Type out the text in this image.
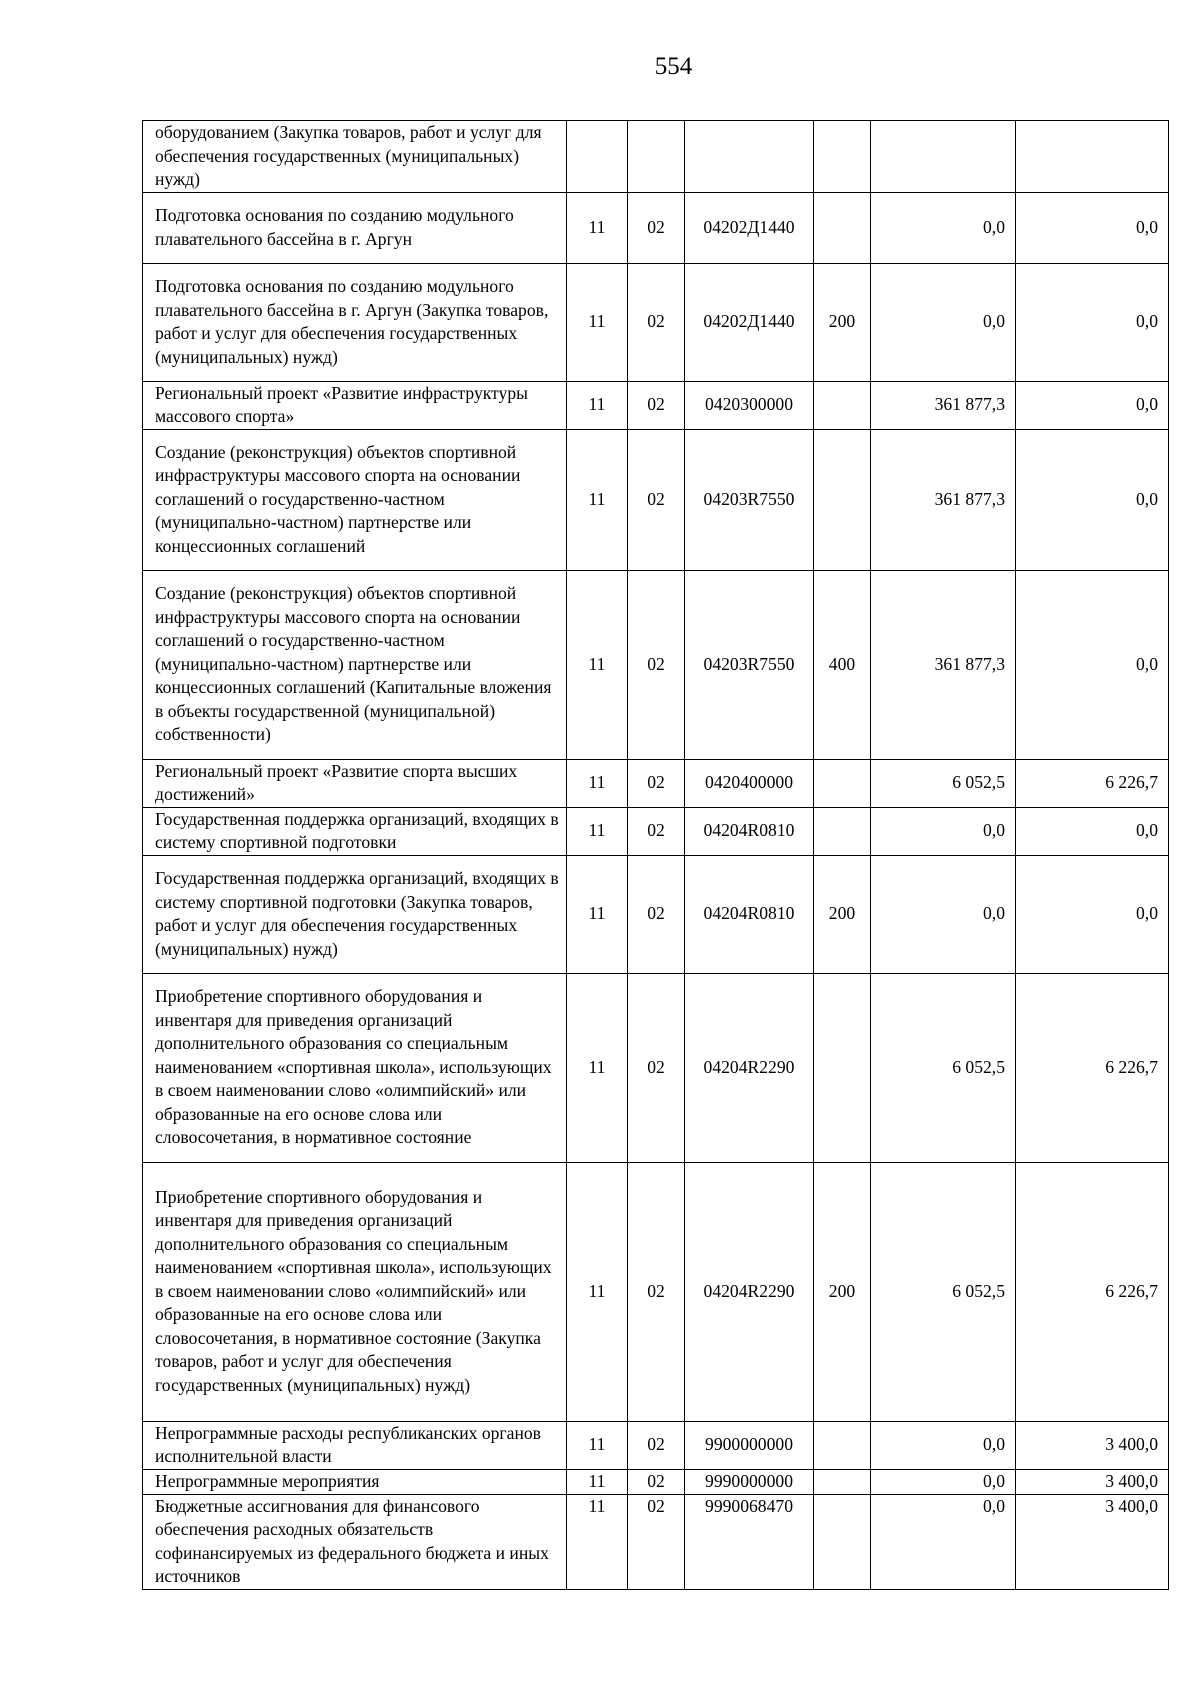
554
оборудованием (Закупка товаров, работ и услуг для обеспечения государственных (муниципальных) нужд)						
Подготовка основания по созданию модульного плавательного бассейна в г. Аргун	11	02	04202Д1440		0,0	0,0
Подготовка основания по созданию модульного плавательного бассейна в г. Аргун (Закупка товаров, работ и услуг для обеспечения государственных (муниципальных) нужд)	11	02	04202Д1440	200	0,0	0,0
Региональный проект «Развитие инфраструктуры массового спорта»	11	02	0420300000		361 877,3	0,0
Создание (реконструкция) объектов спортивной инфраструктуры массового спорта на основании соглашений о государственно-частном (муниципально-частном) партнерстве или концессионных соглашений	11	02	04203R7550		361 877,3	0,0
Создание (реконструкция) объектов спортивной инфраструктуры массового спорта на основании соглашений о государственно-частном (муниципально-частном) партнерстве или концессионных соглашений (Капитальные вложения в объекты государственной (муниципальной) собственности)	11	02	04203R7550	400	361 877,3	0,0
Региональный проект «Развитие спорта высших достижений»	11	02	0420400000		6 052,5	6 226,7
Государственная поддержка организаций, входящих в систему спортивной подготовки	11	02	04204R0810		0,0	0,0
Государственная поддержка организаций, входящих в систему спортивной подготовки (Закупка товаров, работ и услуг для обеспечения государственных (муниципальных) нужд)	11	02	04204R0810	200	0,0	0,0
Приобретение спортивного оборудования и инвентаря для приведения организаций дополнительного образования со специальным наименованием «спортивная школа», использующих в своем наименовании слово «олимпийский» или образованные на его основе слова или словосочетания, в нормативное состояние	11	02	04204R2290		6 052,5	6 226,7
Приобретение спортивного оборудования и инвентаря для приведения организаций дополнительного образования со специальным наименованием «спортивная школа», использующих в своем наименовании слово «олимпийский» или образованные на его основе слова или словосочетания, в нормативное состояние (Закупка товаров, работ и услуг для обеспечения государственных (муниципальных) нужд)	11	02	04204R2290	200	6 052,5	6 226,7
Непрограммные расходы республиканских органов исполнительной власти	11	02	9900000000		0,0	3 400,0
Непрограммные мероприятия	11	02	9990000000		0,0	3 400,0
Бюджетные ассигнования для финансового обеспечения расходных обязательств софинансируемых из федерального бюджета и иных источников	11	02	9990068470		0,0	3 400,0
